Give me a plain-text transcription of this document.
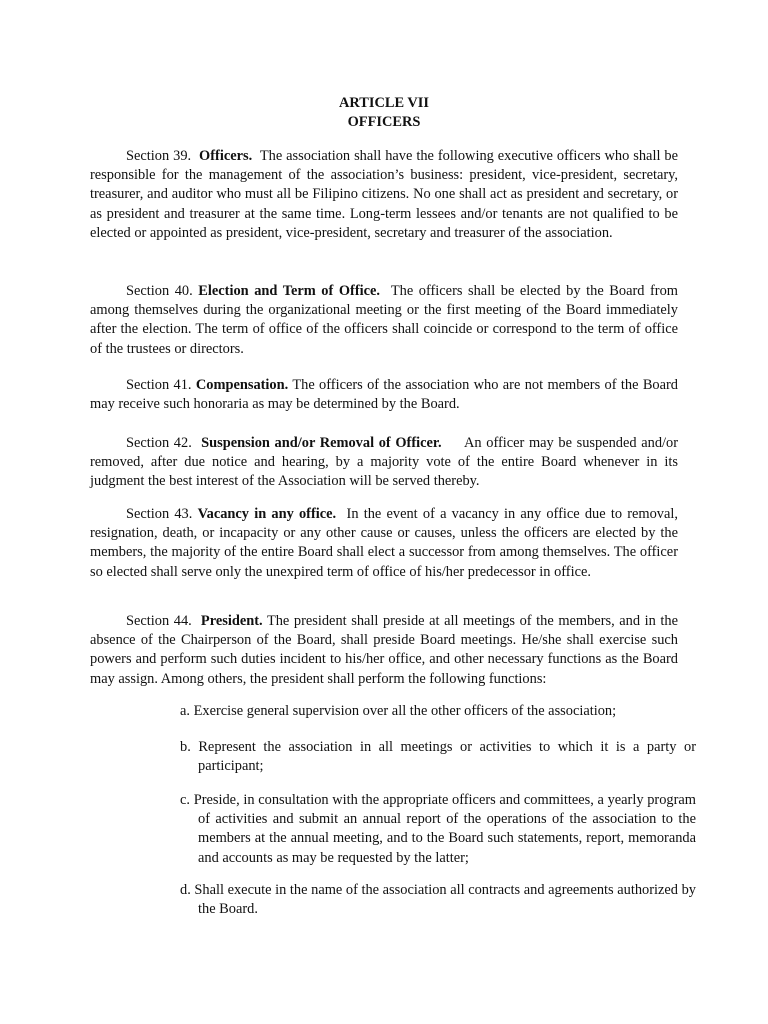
ARTICLE VII
OFFICERS

Section 39. Officers. The association shall have the following executive officers who shall be responsible for the management of the association’s business: president, vice-president, secretary, treasurer, and auditor who must all be Filipino citizens. No one shall act as president and secretary, or as president and treasurer at the same time. Long-term lessees and/or tenants are not qualified to be elected or appointed as president, vice-president, secretary and treasurer of the association.

Section 40. Election and Term of Office. The officers shall be elected by the Board from among themselves during the organizational meeting or the first meeting of the Board immediately after the election. The term of office of the officers shall coincide or correspond to the term of office of the trustees or directors.

Section 41. Compensation. The officers of the association who are not members of the Board may receive such honoraria as may be determined by the Board.

Section 42. Suspension and/or Removal of Officer. An officer may be suspended and/or removed, after due notice and hearing, by a majority vote of the entire Board whenever in its judgment the best interest of the Association will be served thereby.

Section 43. Vacancy in any office. In the event of a vacancy in any office due to removal, resignation, death, or incapacity or any other cause or causes, unless the officers are elected by the members, the majority of the entire Board shall elect a successor from among themselves. The officer so elected shall serve only the unexpired term of office of his/her predecessor in office.

Section 44. President. The president shall preside at all meetings of the members, and in the absence of the Chairperson of the Board, shall preside Board meetings. He/she shall exercise such powers and perform such duties incident to his/her office, and other necessary functions as the Board may assign. Among others, the president shall perform the following functions:

a. Exercise general supervision over all the other officers of the association;

b. Represent the association in all meetings or activities to which it is a party or participant;

c. Preside, in consultation with the appropriate officers and committees, a yearly program of activities and submit an annual report of the operations of the association to the members at the annual meeting, and to the Board such statements, report, memoranda and accounts as may be requested by the latter;

d. Shall execute in the name of the association all contracts and agreements authorized by the Board.
